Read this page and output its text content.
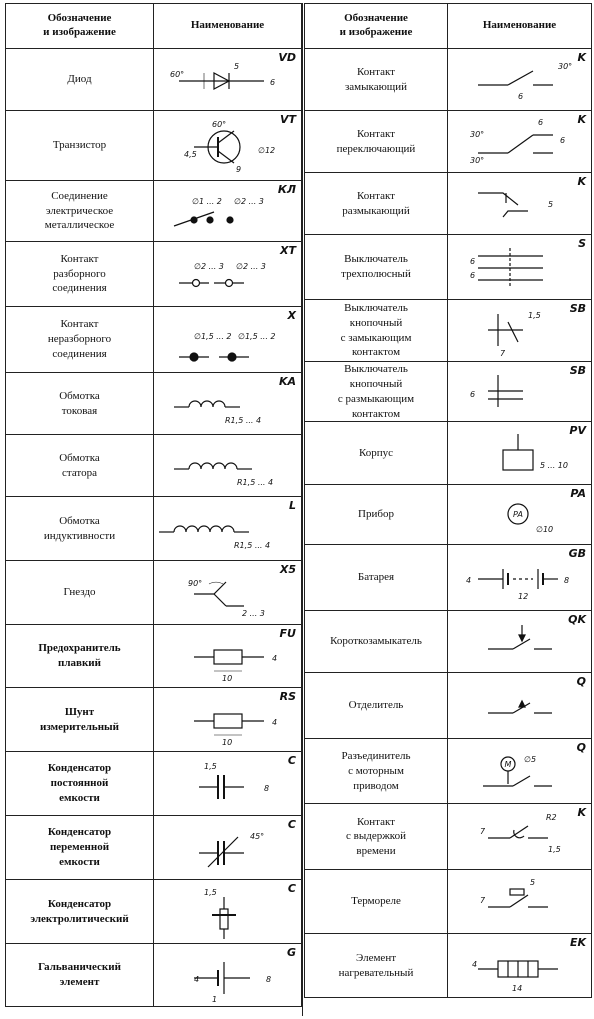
Обозначение
и изображение	Наименование

Диод	60°
5
6
VD

Транзистор	60°
4,5
9
∅12
VT

Соединение
электрическое
металлическое	∅1 ... 2 ∅2 ... 3
КЛ

Контакт
разборного
соединения	∅2 ... 3 ∅2 ... 3
XT

Контакт
неразборного
соединения	∅1,5 ... 2 ∅1,5 ... 2
X

Обмотка
токовая	R1,5 ... 4
KA

Обмотка
статора	R1,5 ... 4

Обмотка
индуктивности	R1,5 ... 4
L

Гнездо	90°
2 ... 3
X5

Предохранитель
плавкий	4
10
FU

Шунт
измерительный	4
10
RS

Конденсатор
постоянной
емкости	1,5
8
C

Конденсатор
переменной
емкости	45°
C

Конденсатор
электролитический	1,5 C

Гальванический
элемент	4 8
1
G
Обозначение
и изображение	Наименование

Контакт
замыкающий	30°
6
K

Контакт
переключающий	30°
6
6
30°
K

Контакт
размыкающий	5
K

Выключатель
трехполюсный	6
6
S

Выключатель
кнопочный
с замыкающим
контактом	1,5
7
SB

Выключатель
кнопочный
с размыкающим
контактом	6
SB

Корпус	5 ... 10
PV

Прибор	PA
∅10
PA

Батарея	4
12
8
GB

Короткозамыкатель	QK

Отделитель	Q

Разъединитель
с моторным
приводом	M
∅5
Q

Контакт
с выдержкой
времени	R2
7
1,5
K

Термореле	5
7

Элемент
нагревательный	4
14
EK
